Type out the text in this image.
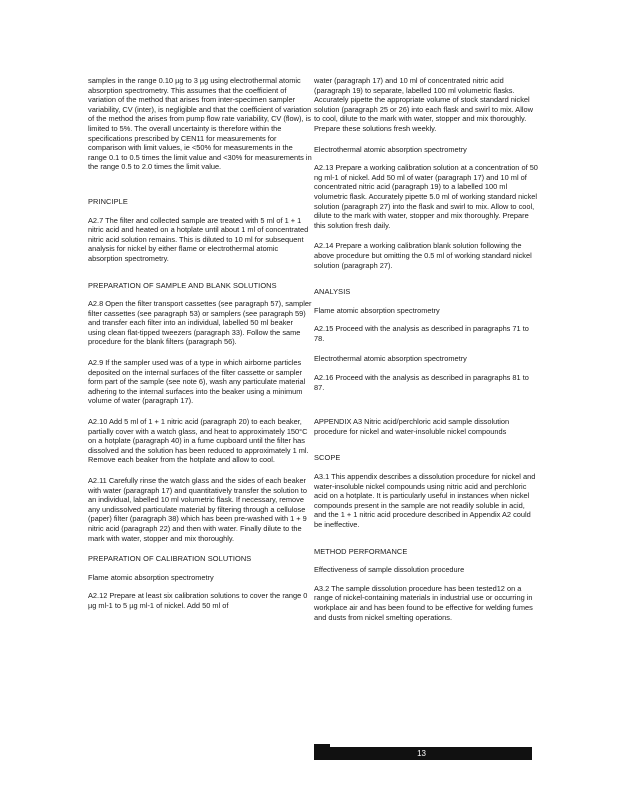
samples in the range 0.10 µg to 3 µg using electrothermal atomic absorption spectrometry. This assumes that the coefficient of variation of the method that arises from inter-specimen sampler variability, CV (inter), is negligible and that the coefficient of variation of the method the arises from pump flow rate variability, CV (flow), is limited to 5%. The overall uncertainty is therefore within the specifications prescribed by CEN11 for measurements for comparison with limit values, ie <50% for measurements in the range 0.1 to 0.5 times the limit value and <30% for measurements in the range 0.5 to 2.0 times the limit value.

PRINCIPLE

A2.7 The filter and collected sample are treated with 5 ml of 1 + 1 nitric acid and heated on a hotplate until about 1 ml of concentrated nitric acid solution remains. This is diluted to 10 ml for subsequent analysis for nickel by either flame or electrothermal atomic absorption spectrometry.

PREPARATION OF SAMPLE AND BLANK SOLUTIONS

A2.8 Open the filter transport cassettes (see paragraph 57), sampler filter cassettes (see paragraph 53) or samplers (see paragraph 59) and transfer each filter into an individual, labelled 50 ml beaker using clean flat-tipped tweezers (paragraph 33). Follow the same procedure for the blank filters (paragraph 56).

A2.9 If the sampler used was of a type in which airborne particles deposited on the internal surfaces of the filter cassette or sampler form part of the sample (see note 6), wash any particulate material adhering to the internal surfaces into the beaker using a minimum volume of water (paragraph 17).

A2.10 Add 5 ml of 1 + 1 nitric acid (paragraph 20) to each beaker, partially cover with a watch glass, and heat to approximately 150°C on a hotplate (paragraph 40) in a fume cupboard until the filter has dissolved and the solution has been reduced to approximately 1 ml. Remove each beaker from the hotplate and allow to cool.

A2.11 Carefully rinse the watch glass and the sides of each beaker with water (paragraph 17) and quantitatively transfer the solution to an individual, labelled 10 ml volumetric flask. If necessary, remove any undissolved particulate material by filtering through a cellulose (paper) filter (paragraph 38) which has been pre-washed with 1 + 9 nitric acid (paragraph 22) and then with water. Finally dilute to the mark with water, stopper and mix thoroughly.

PREPARATION OF CALIBRATION SOLUTIONS

Flame atomic absorption spectrometry

A2.12 Prepare at least six calibration solutions to cover the range 0 µg ml-1 to 5 µg ml-1 of nickel. Add 50 ml of

water (paragraph 17) and 10 ml of concentrated nitric acid (paragraph 19) to separate, labelled 100 ml volumetric flasks. Accurately pipette the appropriate volume of stock standard nickel solution (paragraph 25 or 26) into each flask and swirl to mix. Allow to cool, dilute to the mark with water, stopper and mix thoroughly. Prepare these solutions fresh weekly.

Electrothermal atomic absorption spectrometry

A2.13 Prepare a working calibration solution at a concentration of 50 ng ml-1 of nickel. Add 50 ml of water (paragraph 17) and 10 ml of concentrated nitric acid (paragraph 19) to a labelled 100 ml volumetric flask. Accurately pipette 5.0 ml of working standard nickel solution (paragraph 27) into the flask and swirl to mix. Allow to cool, dilute to the mark with water, stopper and mix thoroughly. Prepare this solution fresh daily.

A2.14 Prepare a working calibration blank solution following the above procedure but omitting the 0.5 ml of working standard nickel solution (paragraph 27).

ANALYSIS

Flame atomic absorption spectrometry

A2.15 Proceed with the analysis as described in paragraphs 71 to 78.

Electrothermal atomic absorption spectrometry

A2.16 Proceed with the analysis as described in paragraphs 81 to 87.

APPENDIX A3 Nitric acid/perchloric acid sample dissolution procedure for nickel and water-insoluble nickel compounds

SCOPE

A3.1 This appendix describes a dissolution procedure for nickel and water-insoluble nickel compounds using nitric acid and perchloric acid on a hotplate. It is particularly useful in instances when nickel compounds present in the sample are not readily soluble in acid, and the 1 + 1 nitric acid procedure described in Appendix A2 could be ineffective.

METHOD PERFORMANCE

Effectiveness of sample dissolution procedure

A3.2 The sample dissolution procedure has been tested12 on a range of nickel-containing materials in industrial use or occurring in workplace air and has been found to be effective for welding fumes and dusts from nickel smelting operations.

13
